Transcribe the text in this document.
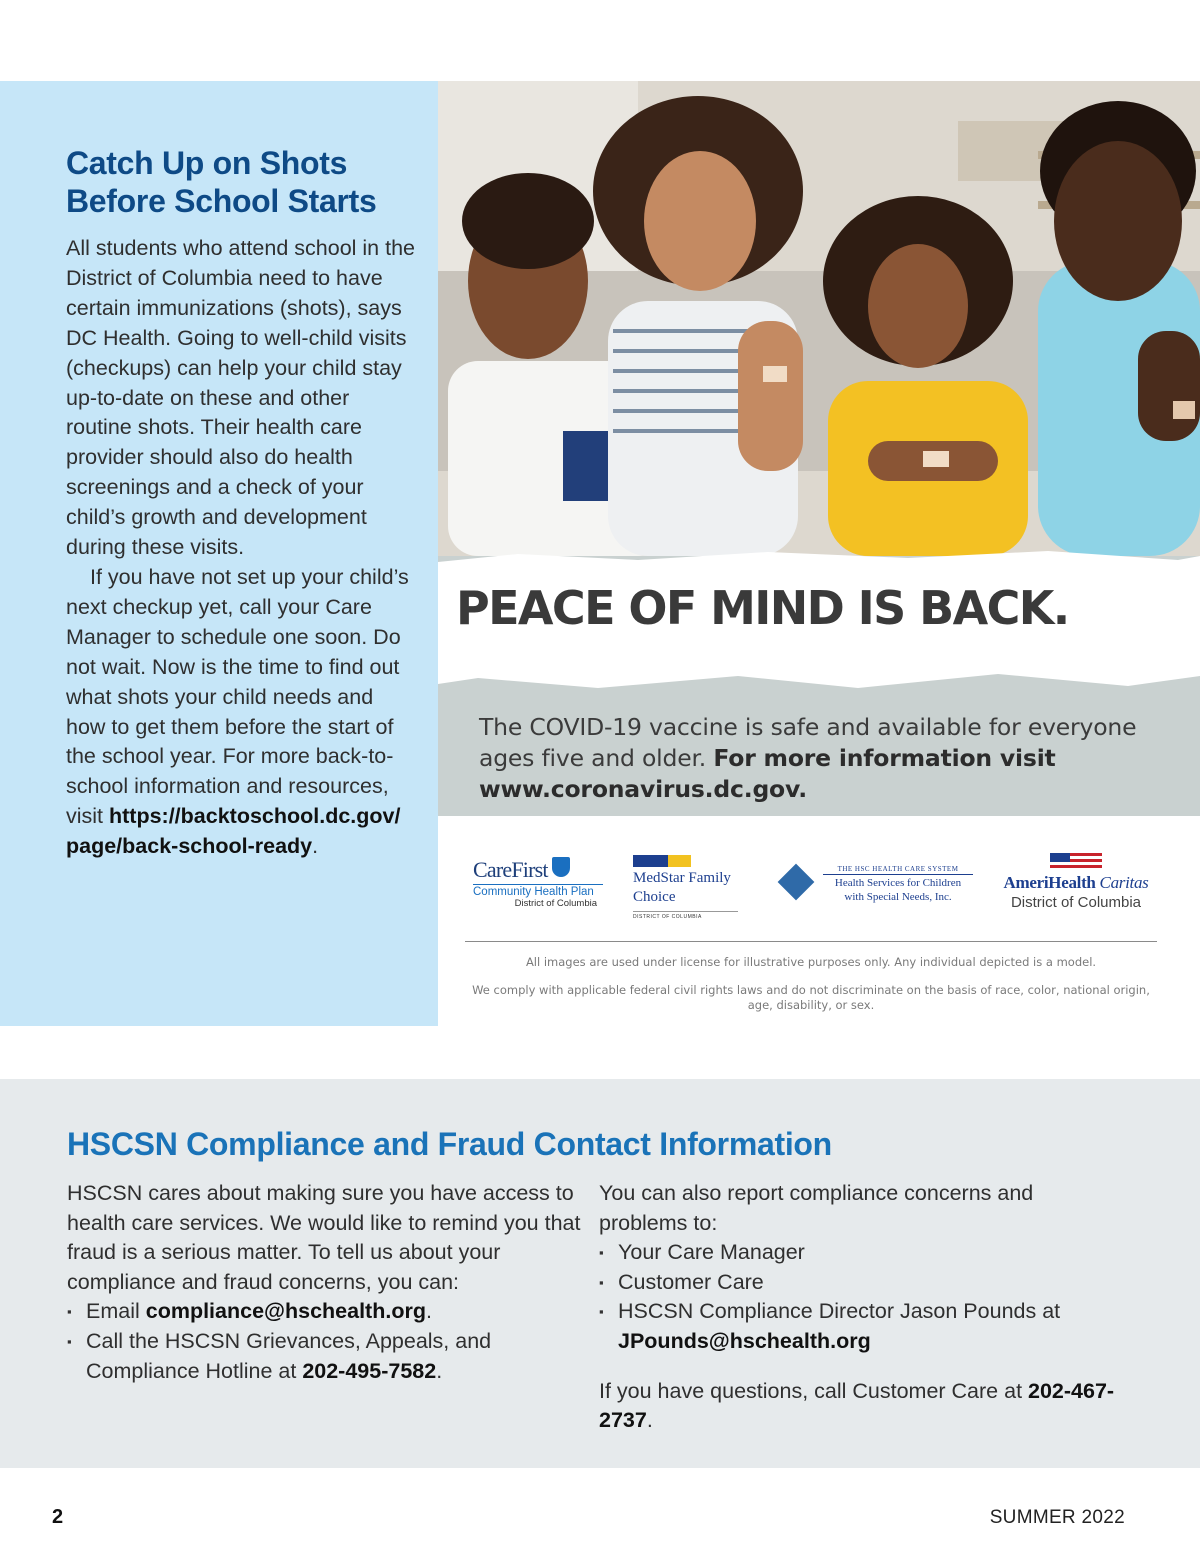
Catch Up on Shots Before School Starts

All students who attend school in the District of Columbia need to have certain immunizations (shots), says DC Health. Going to well-child visits (checkups) can help your child stay up-to-date on these and other routine shots. Their health care provider should also do health screenings and a check of your child’s growth and development during these visits.

If you have not set up your child’s next checkup yet, call your Care Manager to schedule one soon. Do not wait. Now is the time to find out what shots your child needs and how to get them before the start of the school year. For more back-to-school information and resources, visit https://backtoschool.dc.gov/ page/back-school-ready.

PEACE OF MIND IS BACK.
The COVID-19 vaccine is safe and available for everyone ages five and older. For more information visit www.coronavirus.dc.gov.
CareFirst
Community Health Plan
District of Columbia
MedStar Family
Choice
DISTRICT OF COLUMBIA
THE HSC HEALTH CARE SYSTEM
Health Services for Children
with Special Needs, Inc.
AmeriHealth Caritas
District of Columbia
All images are used under license for illustrative purposes only. Any individual depicted is a model.
We comply with applicable federal civil rights laws and do not discriminate on the basis of race, color, national origin, age, disability, or sex.
HSCSN Compliance and Fraud Contact Information

HSCSN cares about making sure you have access to health care services. We would like to remind you that fraud is a serious matter. To tell us about your compliance and fraud concerns, you can:

▪ Email compliance@hschealth.org.
▪ Call the HSCSN Grievances, Appeals, and Compliance Hotline at 202-495-7582.

You can also report compliance concerns and problems to:

▪ Your Care Manager
▪ Customer Care
▪ HSCSN Compliance Director Jason Pounds at JPounds@hschealth.org

If you have questions, call Customer Care at 202-467-2737.

2	SUMMER 2022
